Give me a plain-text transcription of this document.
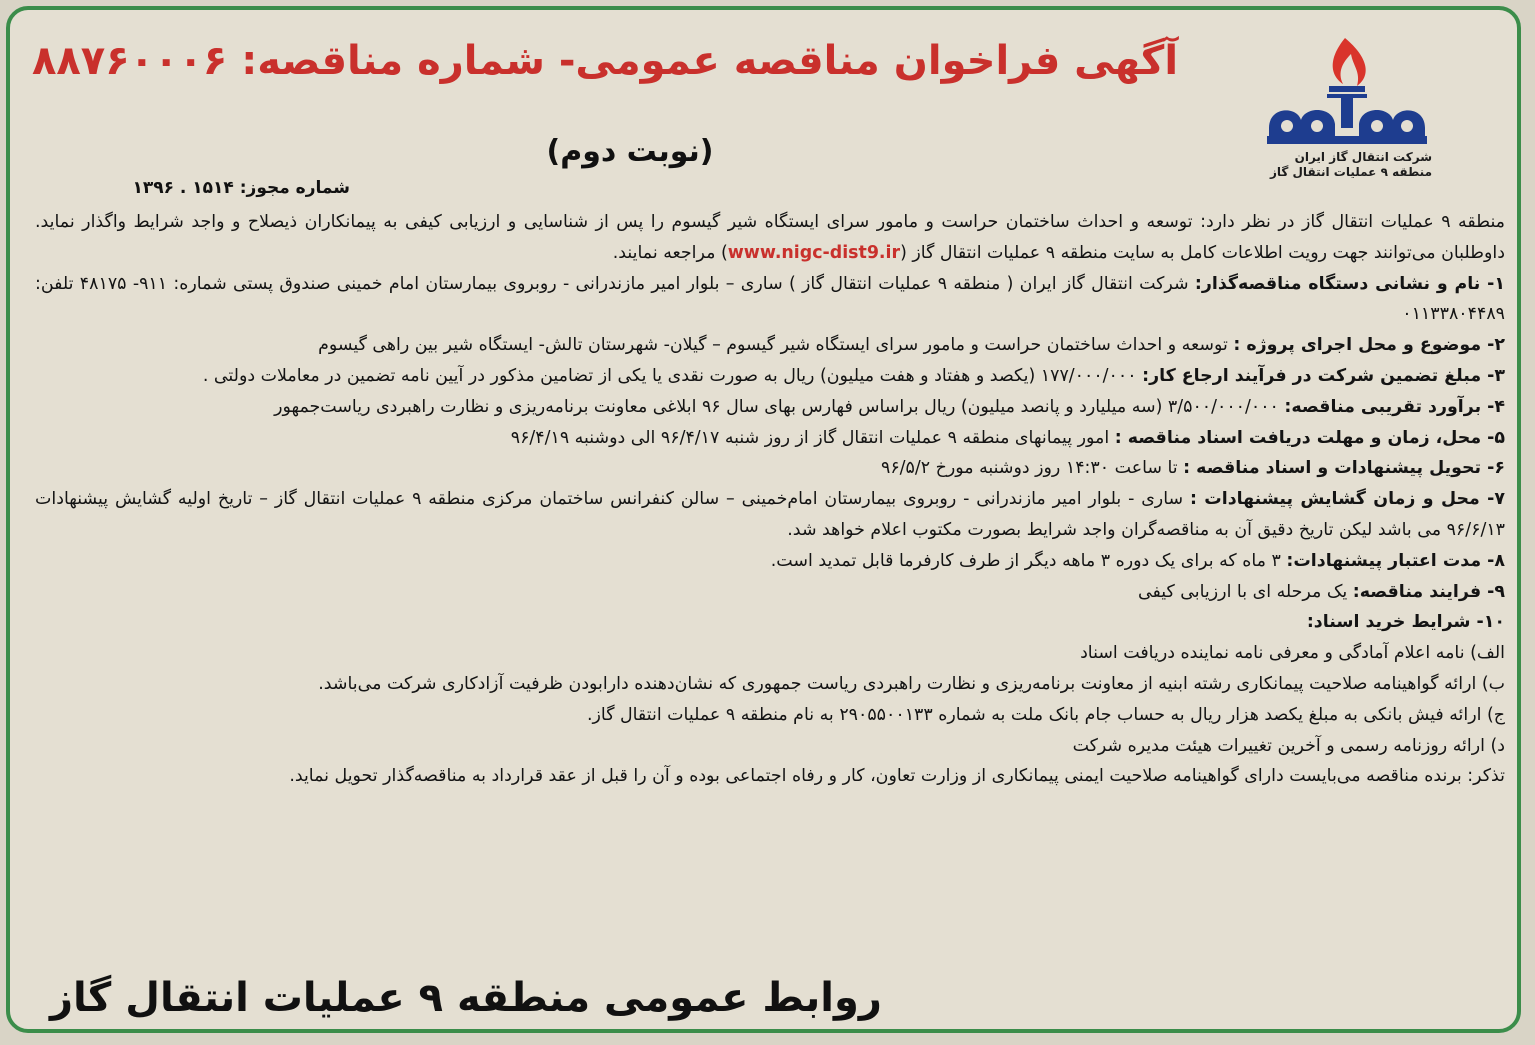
شرکت انتقال گاز ایران
منطقه ۹ عملیات انتقال گاز
آگهی فراخوان مناقصه عمومی- شماره مناقصه: ۸۸۷۶۰۰۰۶
(نوبت دوم)
شماره مجوز: ۱۵۱۴ . ۱۳۹۶

منطقه ۹ عملیات انتقال گاز در نظر دارد: توسعه و احداث ساختمان حراست و مامور سرای ایستگاه شیر گیسوم را پس از شناسایی و ارزیابی کیفی به پیمانکاران ذیصلاح و واجد شرایط واگذار نماید. داوطلبان می‌توانند جهت رویت اطلاعات کامل به سایت منطقه ۹ عملیات انتقال گاز (www.nigc-dist9.ir) مراجعه نمایند.

۱- نام و نشانی دستگاه مناقصه‌گذار: شرکت انتقال گاز ایران ( منطقه ۹ عملیات انتقال گاز ) ساری – بلوار امیر مازندرانی - روبروی بیمارستان امام خمینی صندوق پستی شماره: ۹۱۱- ۴۸۱۷۵ تلفن: ۰۱۱۳۳۸۰۴۴۸۹

۲- موضوع و محل اجرای پروژه : توسعه و احداث ساختمان حراست و مامور سرای ایستگاه شیر گیسوم – گیلان- شهرستان تالش- ایستگاه شیر بین راهی گیسوم

۳- مبلغ تضمین شرکت در فرآیند ارجاع کار: ۱۷۷/۰۰۰/۰۰۰ (یکصد و هفتاد و هفت میلیون) ریال به صورت نقدی یا یکی از تضامین مذکور در آیین نامه تضمین در معاملات دولتی .

۴- برآورد تقریبی مناقصه: ۳/۵۰۰/۰۰۰/۰۰۰ (سه میلیارد و پانصد میلیون) ریال براساس فهارس بهای سال ۹۶ ابلاغی معاونت برنامه‌ریزی و نظارت راهبردی ریاست‌جمهور

۵- محل، زمان و مهلت دریافت اسناد مناقصه : امور پیمانهای منطقه ۹ عملیات انتقال گاز از روز شنبه ۹۶/۴/۱۷ الی دوشنبه ۹۶/۴/۱۹

۶- تحویل پیشنهادات و اسناد مناقصه : تا ساعت ۱۴:۳۰ روز دوشنبه مورخ ۹۶/۵/۲

۷- محل و زمان گشایش پیشنهادات : ساری - بلوار امیر مازندرانی - روبروی بیمارستان امام‌خمینی – سالن کنفرانس ساختمان مرکزی منطقه ۹ عملیات انتقال گاز – تاریخ اولیه گشایش پیشنهادات ۹۶/۶/۱۳ می باشد لیکن تاریخ دقیق آن به مناقصه‌گران واجد شرایط بصورت مکتوب اعلام خواهد شد.

۸- مدت اعتبار پیشنهادات: ۳ ماه که برای یک دوره ۳ ماهه دیگر از طرف کارفرما قابل تمدید است.

۹- فرایند مناقصه: یک مرحله ای با ارزیابی کیفی

۱۰- شرایط خرید اسناد:

الف) نامه اعلام آمادگی و معرفی نامه نماینده دریافت اسناد

ب) ارائه گواهینامه صلاحیت پیمانکاری رشته ابنیه از معاونت برنامه‌ریزی و نظارت راهبردی ریاست جمهوری که نشان‌دهنده دارابودن ظرفیت آزادکاری شرکت می‌باشد.

ج) ارائه فیش بانکی به مبلغ یکصد هزار ریال به حساب جام بانک ملت به شماره ۲۹۰۵۵۰۰۱۳۳ به نام منطقه ۹ عملیات انتقال گاز.

د) ارائه روزنامه رسمی و آخرین تغییرات هیئت مدیره شرکت

تذکر: برنده مناقصه می‌بایست دارای گواهینامه صلاحیت ایمنی پیمانکاری از وزارت تعاون، کار و رفاه اجتماعی بوده و آن را قبل از عقد قرارداد به مناقصه‌گذار تحویل نماید.

روابط عمومی منطقه ۹ عملیات انتقال گاز
